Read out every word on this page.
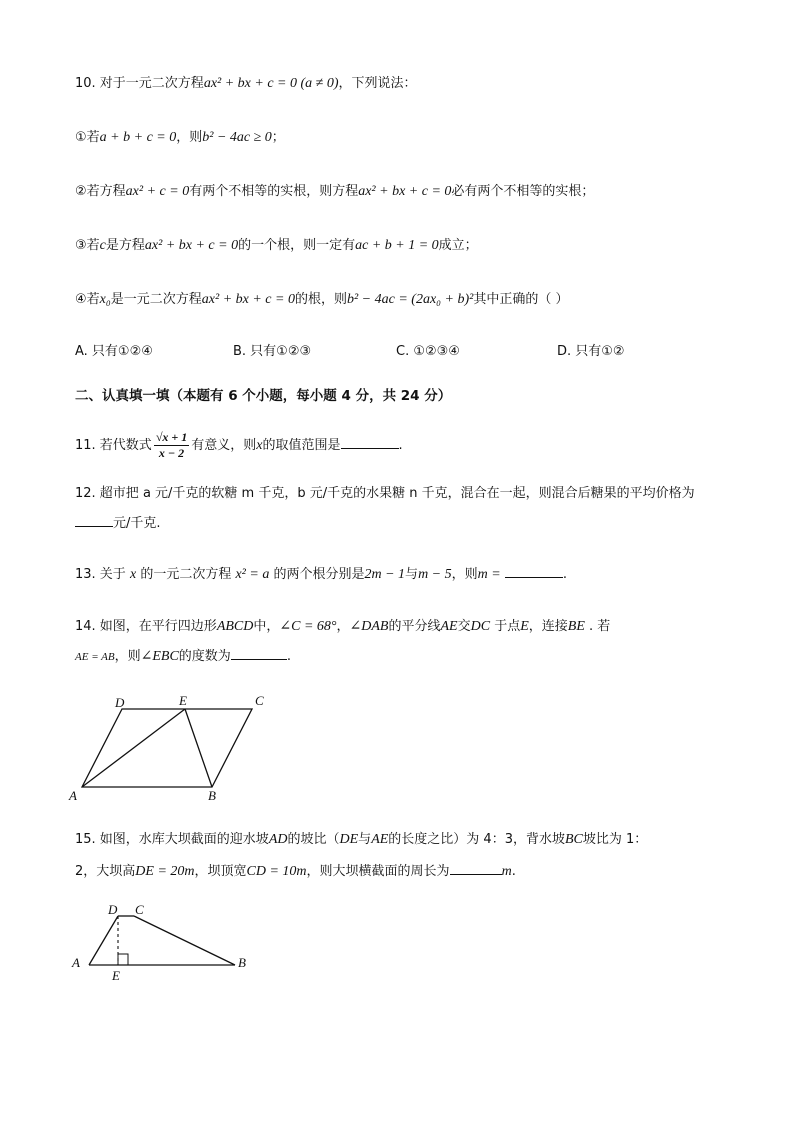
10. 对于一元二次方程ax² + bx + c = 0 (a ≠ 0)，下列说法：
①若a + b + c = 0，则b² − 4ac ≥ 0；
②若方程ax² + c = 0有两个不相等的实根，则方程ax² + bx + c = 0必有两个不相等的实根；
③若c是方程ax² + bx + c = 0的一个根，则一定有ac + b + 1 = 0成立；
④若x₀是一元二次方程ax² + bx + c = 0的根，则b² − 4ac = (2ax₀ + b)²其中正确的（ ）
A. 只有①②④	B. 只有①②③	C. ①②③④	D. 只有①②
二、认真填一填（本题有 6 个小题，每小题 4 分，共 24 分）
11. 若代数式 $\frac{√x + 1}{x - 2}$ 有意义，则x的取值范围是	.
12. 超市把 a 元/千克的软糖 m 千克，b 元/千克的水果糖 n 千克，混合在一起，则混合后糖果的平均价格为
元/千克.
13. 关于 x 的一元二次方程 x² = a 的两个根分别是2m − 1与m − 5，则m =	.
14. 如图，在平行四边形ABCD中，∠C = 68°，∠DAB的平分线AE交DC 于点E，连接BE . 若
AE = AB，则∠EBC的度数为	.
A	B
C
D	E
15. 如图，水库大坝截面的迎水坡AD的坡比（DE与AE的长度之比）为 4：3，背水坡BC坡比为 1：
2，大坝高DE = 20m，坝顶宽CD = 10m，则大坝横截面的周长为	m.
A	B
C
D
E
